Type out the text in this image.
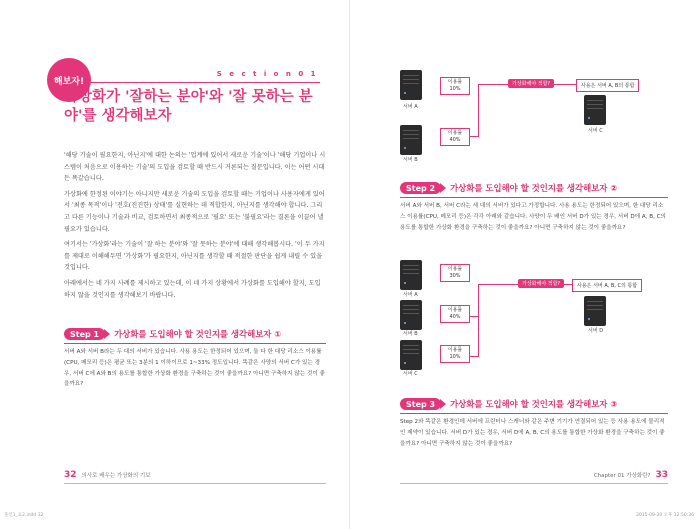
해보자!
S e c t i o n 0 1
가상화가 '잘하는 분야'와 '잘 못하는 분야'를 생각해보자

'해당 기술이 필요한지, 아닌지'에 대한 논의는 '업계에 있어서 새로운 기술'이나 '해당 기업이나 시스템이 처음으로 이용하는 기술'의 도입을 검토할 때 반드시 거론되는 질문입니다. 이는 어떤 시대든 똑같습니다.

가상화에 한정된 이야기는 아니지만 새로운 기술의 도입을 검토할 때는 기업이나 사용자에게 있어서 '최종 목적'이나 '전호(진진한) 상태'를 실현하는 데 적합한지, 아닌지를 생각해야 합니다. 그리고 다른 기능이나 기술과 비교, 검토하면서 최종적으로 '필요' 또는 '불필요'라는 결론을 이끌어 낼 필요가 있습니다.

여기서는 '가상화'라는 기술이 '잘 하는 분야'와 '잘 못하는 분야'에 대해 생각해봅시다. '이 두 가지를 제대로 이해해두면 '가상화'가 필요한지, 아닌지를 생각할 때 적절한 판단을 쉽게 내릴 수 있을 것입니다.

아래에서는 네 가지 사례를 제시하고 있는데, 이 네 가지 상황에서 가상화를 도입해야 할지, 도입하지 않을 것인지를 생각해보기 바랍니다.

Step 1	가상화를 도입해야 할 것인지를 생각해보자 ①
서버 A와 서버 B라는 두 대의 서버가 있습니다. 사용 용도는 한정되어 있으며, 둘 다 한 대당 리소스 이용률(CPU, 메모리 등)은 평균 또는 3분의 1 이하이므로 1~33% 정도입니다. 똑같은 사양의 서버 C가 있는 경우, 서버 C에 A와 B의 용도를 통합한 가상화 환경을 구축하는 것이 좋을까요? 아니면 구축하지 않는 것이 좋을까요?
32 의사로 배우는 가상화의 기보
올인1_요2.indd 32
서버 A
이용률
10%
서버 B
이용률
40%
가상화해야 적합?	사용은 서버 A, B의 통합
서버 C
Step 2	가상화를 도입해야 할 것인지를 생각해보자 ②
서버 A와 서버 B, 서버 C라는 세 대의 서버가 있다고 가정합니다. 사용 용도는 한정되어 있으며, 한 대당 리소스 이용률(CPU, 메모리 등)은 각각 아래와 같습니다. 사양이 두 배인 서버 D가 있는 경우, 서버 D에 A, B, C의 용도를 통합한 가상화 환경을 구축하는 것이 좋을까요? 아니면 구축하지 않는 것이 좋을까요?
서버 A
이용률
30%
서버 B
이용률
40%
서버 C
이용률
10%
가상화해야 적합?	사용은 서버 A, B, C의 통합
서버 D
Step 3	가상화를 도입해야 할 것인지를 생각해보자 ③
Step 2와 똑같은 환경인데 서버에 프린터나 스캐너와 같은 주변 기기가 연결되어 있는 등 사용 용도에 물리적인 제약이 있습니다. 서버 D가 있는 경우, 서버 D에 A, B, C의 용도를 통합한 가상화 환경을 구축하는 것이 좋을까요? 아니면 구축하지 않는 것이 좋을까요?
Chapter 01 가상화란? 33
2015-09-30 오후 12:50:36
